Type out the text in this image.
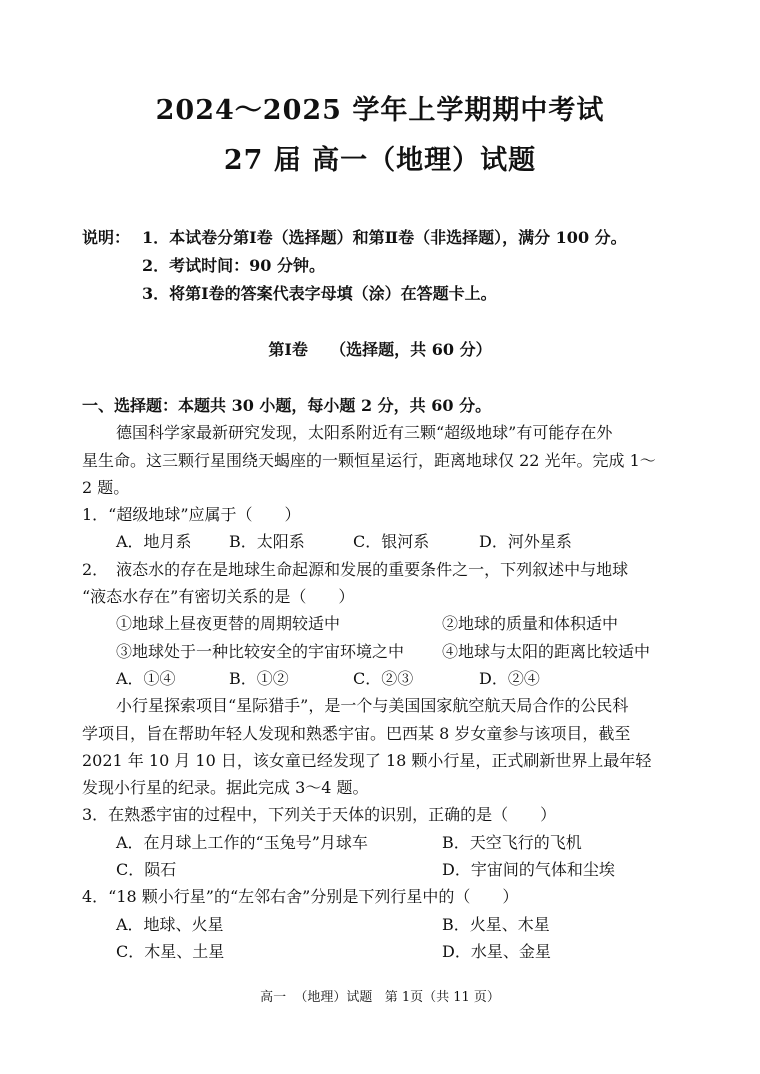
2024～2025 学年上学期期中考试
27 届 高一（地理）试题
说明： 1．本试卷分第Ⅰ卷（选择题）和第Ⅱ卷（非选择题），满分 100 分。
2．考试时间：90 分钟。
3．将第Ⅰ卷的答案代表字母填（涂）在答题卡上。
第Ⅰ卷    （选择题，共 60 分）
一、选择题：本题共 30 小题，每小题 2 分，共 60 分。
德国科学家最新研究发现，太阳系附近有三颗“超级地球”有可能存在外
星生命。这三颗行星围绕天蝎座的一颗恒星运行，距离地球仅 22 光年。完成 1～
2 题。
1．“超级地球”应属于（　　）
A．地月系	B．太阳系	C．银河系	D．河外星系
2．　液态水的存在是地球生命起源和发展的重要条件之一，下列叙述中与地球
“液态水存在”有密切关系的是（　　）
①地球上昼夜更替的周期较适中	②地球的质量和体积适中
③地球处于一种比较安全的宇宙环境之中	④地球与太阳的距离比较适中
A．①④	B．①②	C．②③	D．②④
小行星探索项目“星际猎手”，是一个与美国国家航空航天局合作的公民科
学项目，旨在帮助年轻人发现和熟悉宇宙。巴西某 8 岁女童参与该项目，截至
2021 年 10 月 10 日，该女童已经发现了 18 颗小行星，正式刷新世界上最年轻
发现小行星的纪录。据此完成 3～4 题。
3．在熟悉宇宙的过程中，下列关于天体的识别，正确的是（　　）
A．在月球上工作的“玉兔号”月球车	B．天空飞行的飞机
C．陨石	D．宇宙间的气体和尘埃
4．“18 颗小行星”的“左邻右舍”分别是下列行星中的（　　）
A．地球、火星	B．火星、木星
C．木星、土星	D．水星、金星
高一  （地理）试题   第 1页（共 11 页）
